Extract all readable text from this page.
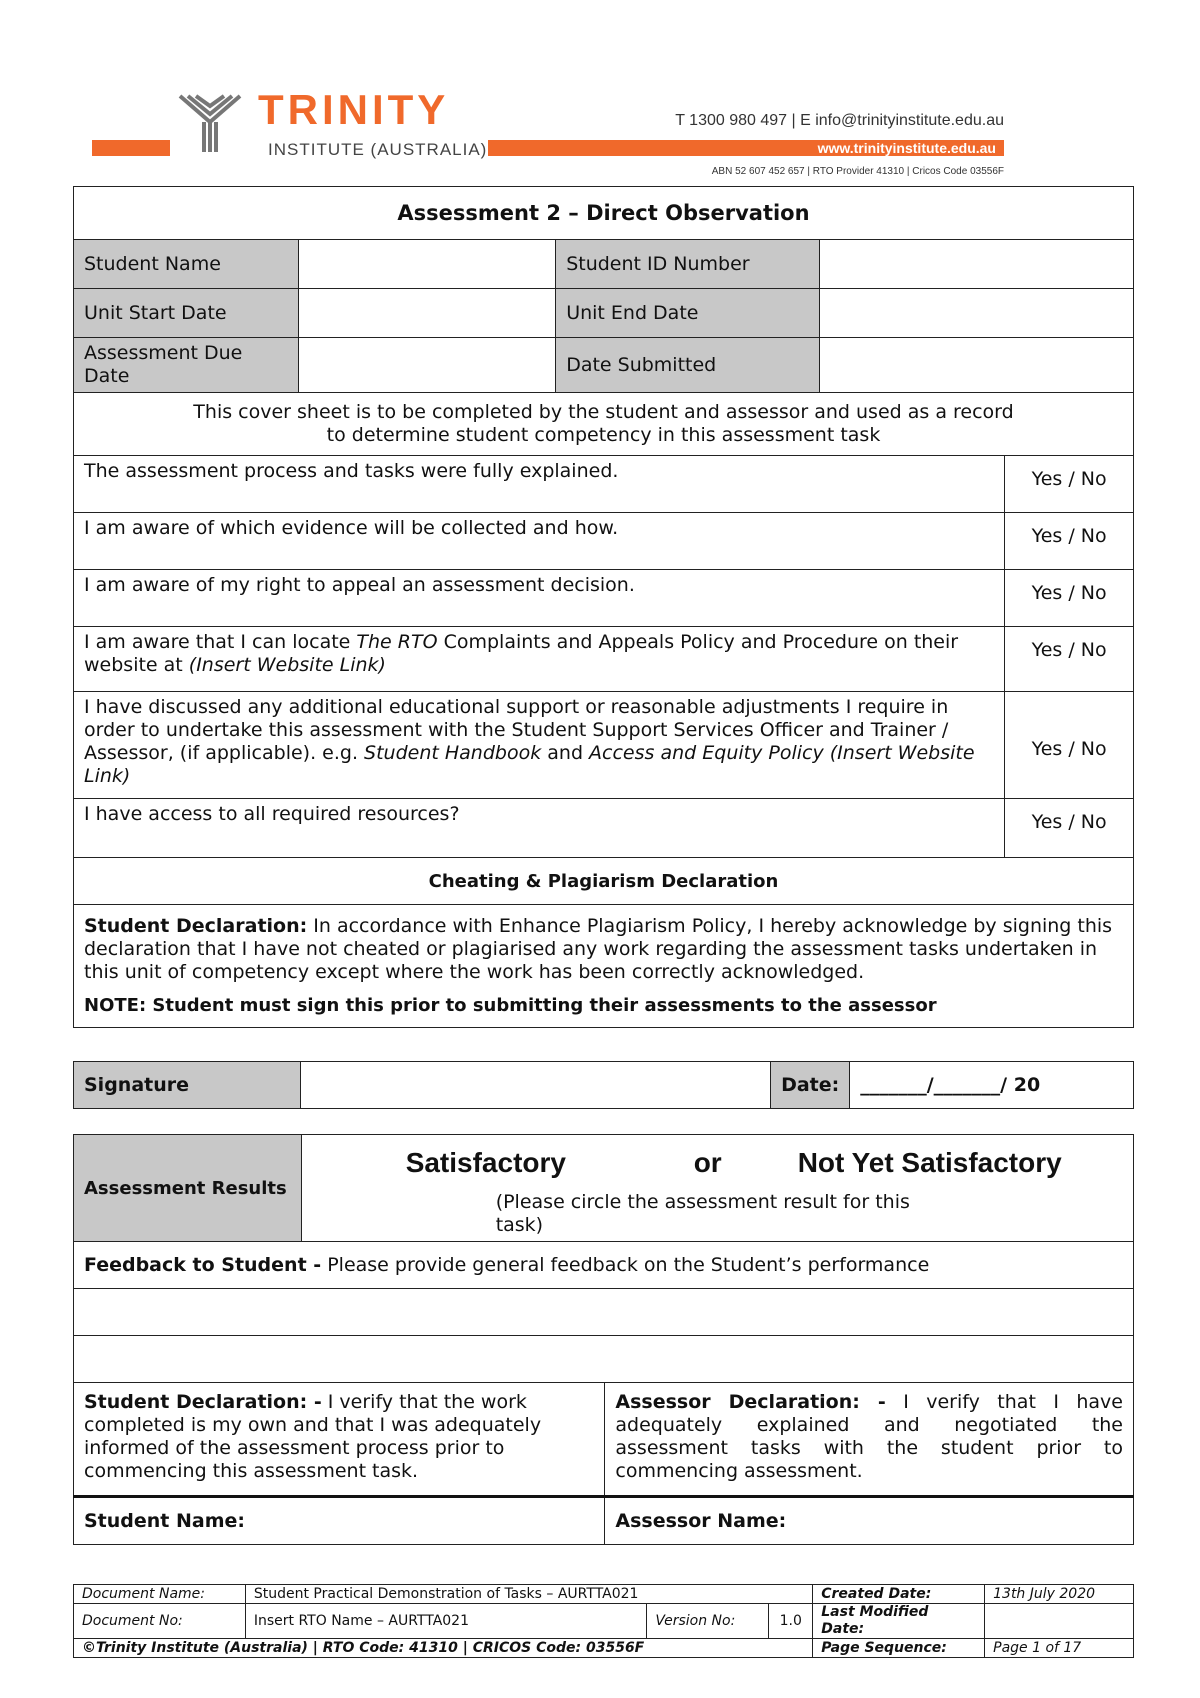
TRINITY
INSTITUTE (AUSTRALIA)
T 1300 980 497 | E info@trinityinstitute.edu.au
www.trinityinstitute.edu.au
ABN 52 607 452 657 | RTO Provider 41310 | Cricos Code 03556F
Assessment 2 – Direct Observation				
Student Name		Student ID Number		
Unit Start Date		Unit End Date		
Assessment Due Date		Date Submitted		
This cover sheet is to be completed by the student and assessor and used as a record to determine student competency in this assessment task				
The assessment process and tasks were fully explained.				Yes / No
I am aware of which evidence will be collected and how.				Yes / No
I am aware of my right to appeal an assessment decision.				Yes / No
I am aware that I can locate The RTO Complaints and Appeals Policy and Procedure on their website at (Insert Website Link)				Yes / No
I have discussed any additional educational support or reasonable adjustments I require in order to undertake this assessment with the Student Support Services Officer and Trainer / Assessor, (if applicable). e.g. Student Handbook and Access and Equity Policy (Insert Website Link)				Yes / No
I have access to all required resources?				Yes / No
Cheating & Plagiarism Declaration				
Student Declaration: In accordance with Enhance Plagiarism Policy, I hereby acknowledge by signing this declaration that I have not cheated or plagiarised any work regarding the assessment tasks undertaken in this unit of competency except where the work has been correctly acknowledged.
NOTE: Student must sign this prior to submitting their assessments to the assessor				
Signature		Date:	_______/_______/ 20
Assessment Results	Satisfactory or Not Yet Satisfactory
(Please circle the assessment result for this task)	

Feedback to Student - Please provide general feedback on the Student’s performance		

Student Declaration: - I verify that the work completed is my own and that I was adequately informed of the assessment process prior to commencing this assessment task.		Assessor Declaration: - I verify that I have adequately explained and negotiated the assessment tasks with the student prior to commencing assessment.
Student Name:		Assessor Name:
Document Name:	Student Practical Demonstration of Tasks – AURTTA021			Created Date:	13th July 2020
Document No:	Insert RTO Name – AURTTA021	Version No:	1.0	Last Modified Date:	
©Trinity Institute (Australia) | RTO Code: 41310 | CRICOS Code: 03556F				Page Sequence:	Page 1 of 17
